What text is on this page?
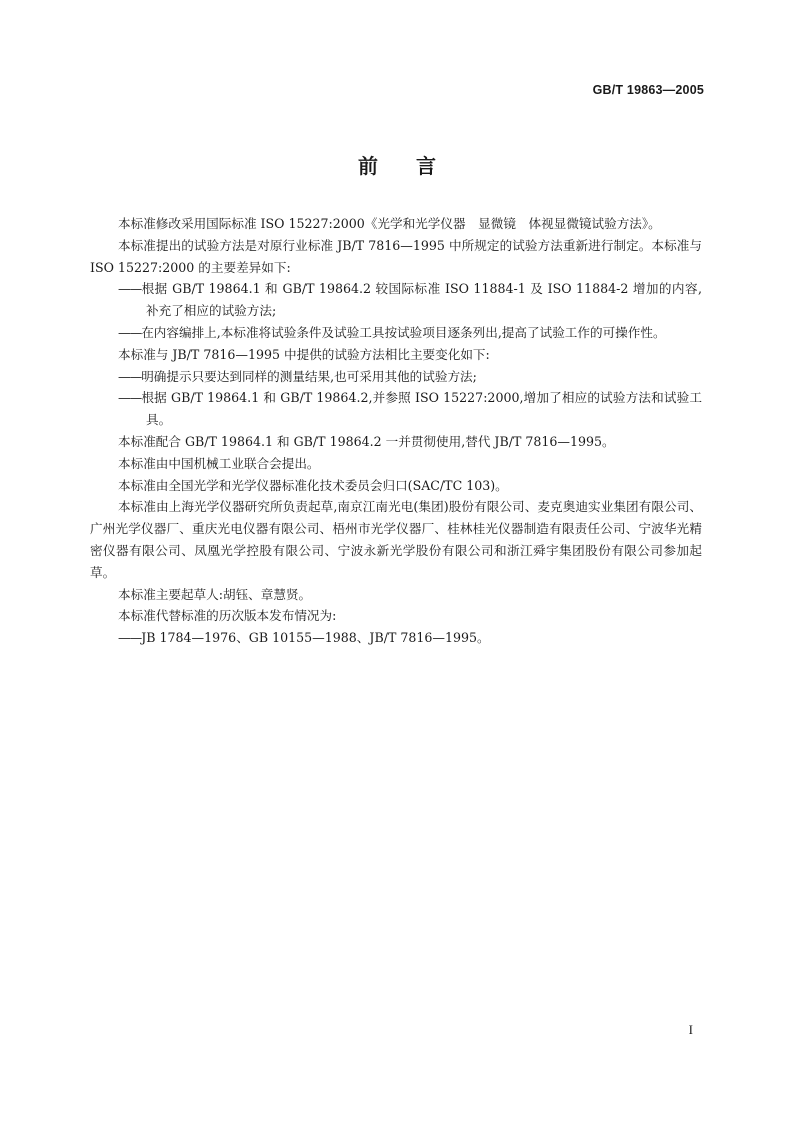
GB/T 19863—2005
前言

本标准修改采用国际标准 ISO 15227:2000《光学和光学仪器　显微镜　体视显微镜试验方法》。

本标准提出的试验方法是对原行业标准 JB/T 7816—1995 中所规定的试验方法重新进行制定。本标准与 ISO 15227:2000 的主要差异如下:

——根据 GB/T 19864.1 和 GB/T 19864.2 较国际标准 ISO 11884-1 及 ISO 11884-2 增加的内容,补充了相应的试验方法;

——在内容编排上,本标准将试验条件及试验工具按试验项目逐条列出,提高了试验工作的可操作性。

本标准与 JB/T 7816—1995 中提供的试验方法相比主要变化如下:

——明确提示只要达到同样的测量结果,也可采用其他的试验方法;

——根据 GB/T 19864.1 和 GB/T 19864.2,并参照 ISO 15227:2000,增加了相应的试验方法和试验工具。

本标准配合 GB/T 19864.1 和 GB/T 19864.2 一并贯彻使用,替代 JB/T 7816—1995。

本标准由中国机械工业联合会提出。

本标准由全国光学和光学仪器标准化技术委员会归口(SAC/TC 103)。

本标准由上海光学仪器研究所负责起草,南京江南光电(集团)股份有限公司、麦克奥迪实业集团有限公司、广州光学仪器厂、重庆光电仪器有限公司、梧州市光学仪器厂、桂林桂光仪器制造有限责任公司、宁波华光精密仪器有限公司、凤凰光学控股有限公司、宁波永新光学股份有限公司和浙江舜宇集团股份有限公司参加起草。

本标准主要起草人:胡钰、章慧贤。

本标准代替标准的历次版本发布情况为:

——JB 1784—1976、GB 10155—1988、JB/T 7816—1995。

I
